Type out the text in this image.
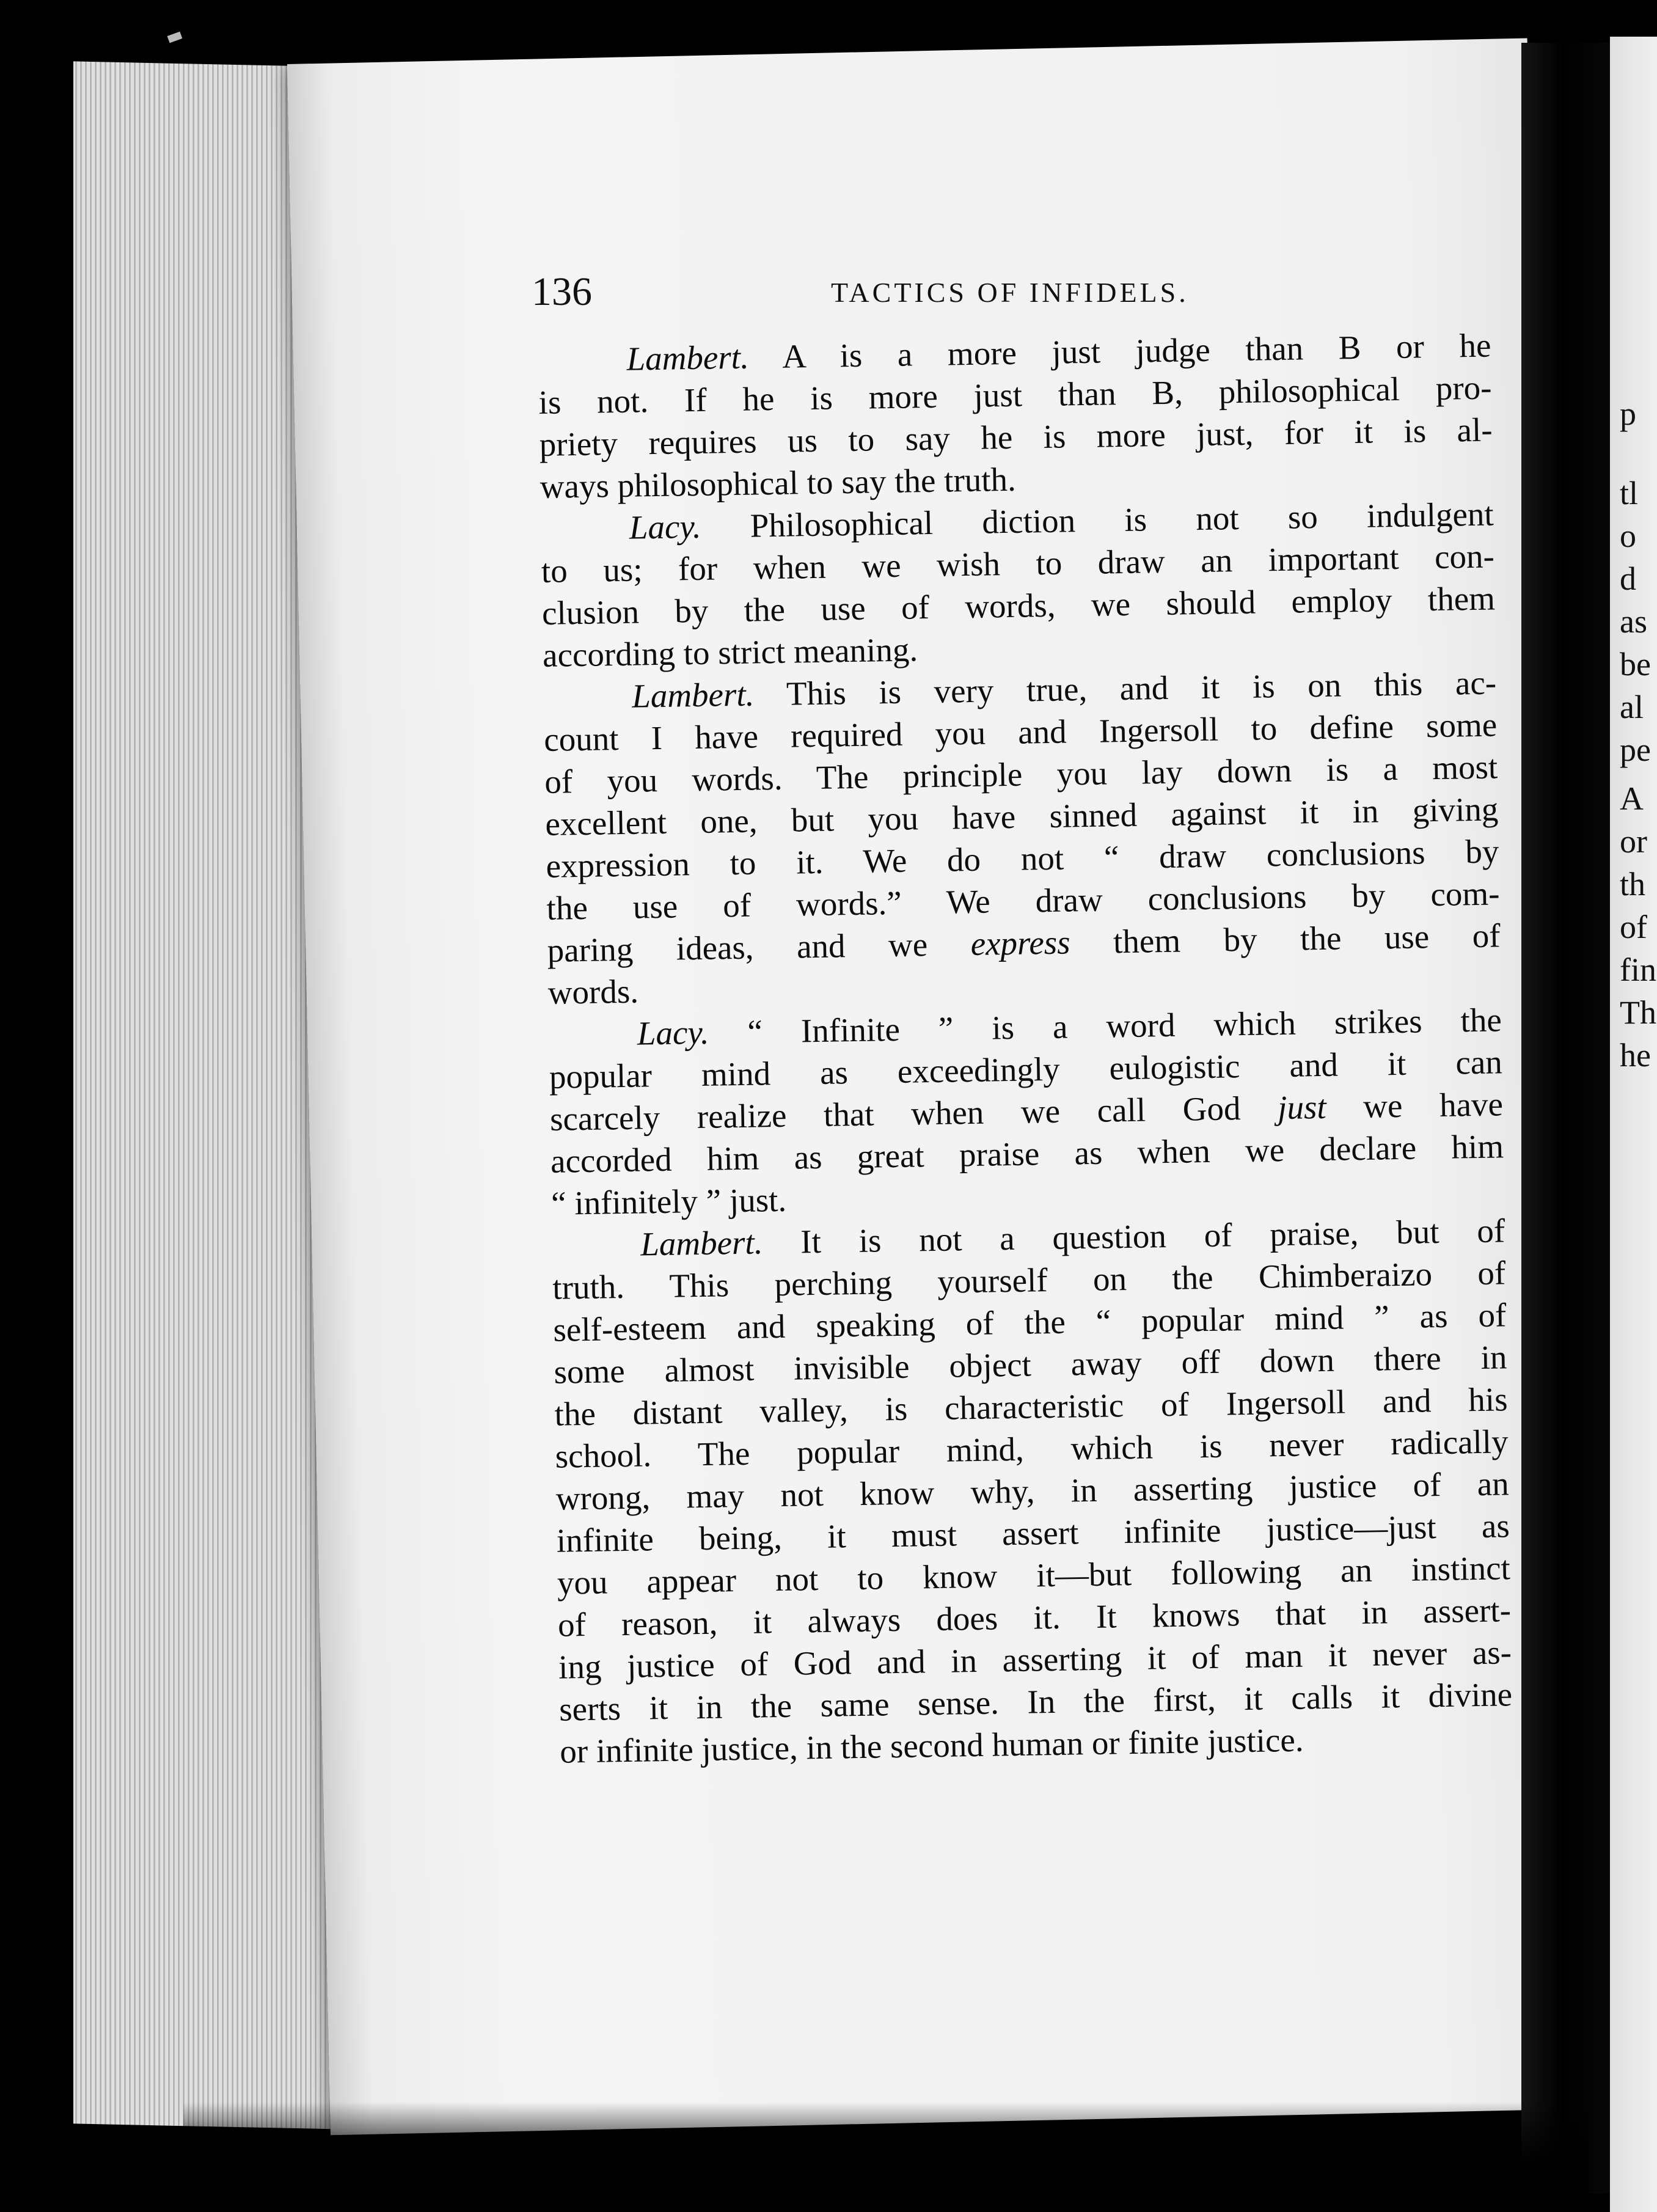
p
tl
o
d
as
be
al
pe
A
or
th
of
fin
Th
he
136	TACTICS OF INFIDELS.
Lambert. A is a more just judge than B or he
is not. If he is more just than B, philosophical pro-
priety requires us to say he is more just, for it is al-
ways philosophical to say the truth.
Lacy. Philosophical diction is not so indulgent
to us; for when we wish to draw an important con-
clusion by the use of words, we should employ them
according to strict meaning.
Lambert. This is very true, and it is on this ac-
count I have required you and Ingersoll to define some
of you words. The principle you lay down is a most
excellent one, but you have sinned against it in giving
expression to it. We do not “ draw conclusions by
the use of words.” We draw conclusions by com-
paring ideas, and we express them by the use of
words.
Lacy. “ Infinite ” is a word which strikes the
popular mind as exceedingly eulogistic and it can
scarcely realize that when we call God just we have
accorded him as great praise as when we declare him
“ infinitely ” just.
Lambert. It is not a question of praise, but of
truth. This perching yourself on the Chimberaizo of
self-esteem and speaking of the “ popular mind ” as of
some almost invisible object away off down there in
the distant valley, is characteristic of Ingersoll and his
school. The popular mind, which is never radically
wrong, may not know why, in asserting justice of an
infinite being, it must assert infinite justice—just as
you appear not to know it—but following an instinct
of reason, it always does it. It knows that in assert-
ing justice of God and in asserting it of man it never as-
serts it in the same sense. In the first, it calls it divine
or infinite justice, in the second human or finite justice.
